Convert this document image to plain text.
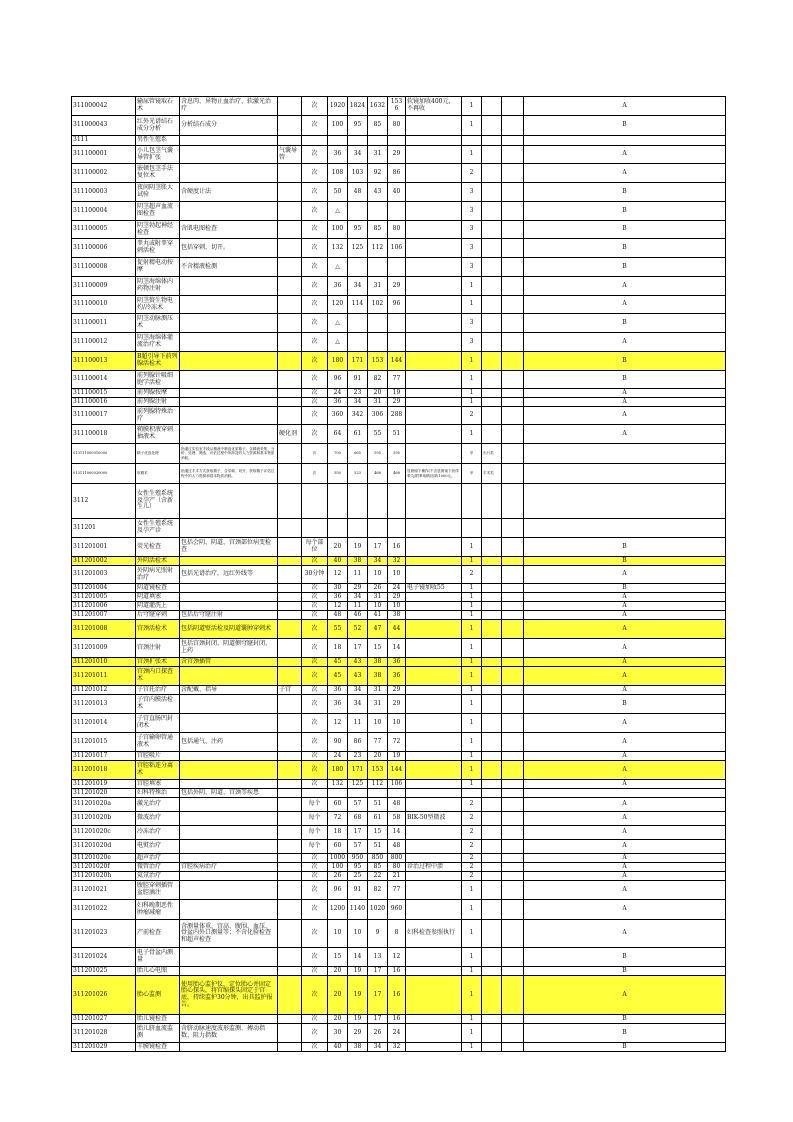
311000042	输尿管镜取石术	含息肉、异物止血治疗、软激光治疗		次	1920	1824	1632	1536	软镜加收400元，不再收	1			A
311000043	红外光谱结石成分分析	分析结石成分		次	100	95	85	80		1			B
3111	男性生殖系												
311100001	小儿包茎气囊导管扩张		气囊导管	次	36	34	31	29		1			A
311100002	嵌顿包茎手法复位术			次	108	103	92	86		2			A
311100003	夜间阴茎胀大试验	含硬度计法		次	50	48	43	40		3			B
311100004	阴茎超声血流图检查			次	△					3			B
311100005	阴茎勃起神经检查	含肌电图检查		次	100	95	85	80		3			B
311100006	睾丸或附睾穿刺活检	包括穿刺、切开。		次	132	125	112	106		3			B
311100008	促射精电动按摩	不含精液检测		次	△					3			B
311100009	阴茎海绵体内药物注射			次	36	34	31	29		1			A
311100010	阴茎赘生物电灼/冷冻术			次	120	114	102	96		1			A
311100011	阴茎动脉测压术			次	△					3			B
311100012	阴茎海绵体灌流治疗术			次	△					3			A
311100013	B超引导下前列腺活检术			次	180	171	153	144		1			B
311100014	前列腺针吸细胞学活检			次	96	91	82	77		1			B
311100015	前列腺按摩			次	24	23	20	19		1			A
311100016	前列腺注射			次	36	34	31	29		1			A
311100017	前列腺特殊治疗			次	360	342	306	288		2			A
311100018	鞘膜积液穿刺抽液术		硬化剂	次	64	61	55	51		1			A
013111000010000	精子优选处理	指通过实验室手段从精液中筛选优质精子。含精液采集、分析、处理、筛选、评估过程中所涉及的人力资源和基本物质消耗。		次	700	665	595	595		甲	出行类		
013111000020000	取精术	指通过手术方式获取精子，含穿刺、切开、获取精子评估过程中的人力资源和基本物质消耗。		次	550	523	468	468	显微镜下操作(不含显微镜下获得睾丸/附睾取精)加收1000元。	甲	手术类		
3112	女性生殖系统及孕产（含新生儿）												
311201	女性生殖系统及孕产诊												
311201001	荧光检查	包括会阴、阴道、宫颈部位病变检查		每个部位	20	19	17	16		1			B
311201002	外阴活检术			次	40	38	34	32		1			B
311201003	外阴病光照射治疗	包括光谱治疗，远红外线等		30分钟	12	11	10	10		2			A
311201004	阴道镜检查			次	30	29	26	24	电子镜加收55	1			B
311201005	阴道填塞			次	36	34	31	29		1			A
311201006	阴道灌洗上			次	12	11	10	10		1			A
311201007	后穹窿穿刺	包括后穹窿注射		次	48	46	41	38		1			A
311201008	宫颈活检术	包括阴道壁活检及阴道囊肿穿刺术		次	55	52	47	44		1			A
311201009	宫颈注射	包括宫颈封闭、阴道侧穹窿封闭、上药		次	18	17	15	14		1			A
311201010	宫颈扩张术	含宫颈插管		次	45	43	38	36		1			A
311201011	宫颈内口探查术			次	45	43	38	36		1			A
311201012	子宫托治疗	含配戴、指导	子宫	次	36	34	31	29		1			A
311201013	子宫内膜活检术			次	36	34	31	29		1			B
311201014	子宫直肠凹封闭术			次	12	11	10	10		1			A
311201015	子宫输卵管通液术	包括通气、注药		次	90	86	77	72		1			A
311201017	宫腔吸片			次	24	23	20	19		1			A
311201018	宫腔粘连分离术			次	180	171	153	144		1			A
311201019	宫腔填塞			次	132	125	112	106		1			A
311201020	妇科特殊治	包括外阴、阴道、宫颈等疾患											
311201020a	激光治疗			每个	60	57	51	48		2			A
311201020b	微波治疗			每个	72	68	61	58	BIK-50型微波	2			A
311201020c	冷冻治疗			每个	18	17	15	14		2			A
311201020d	电熨治疗			每个	60	57	51	48		2			A
311201020e	超声治疗			次	1000	950	850	800		2			A
311201020f	微管治疗	宫腔疾病治疗		次	100	95	85	80	诊治过程中溃	2			A
311201020h	氦氖治疗			次	26	25	22	21		2			A
311201021	腹腔穿刺插管盆腔滴注			次	96	91	82	77		1			A
311201022	妇科晚期恶性肿瘤减瘤			次	1200	1140	1020	960		1			A
311201023	产前检查	含测量体重、宫高、腹围、血压、骨盆内外口测量等；不含化验检查和超声检查		次	10	10	9	8	妇科检查参照执行	1			A
311201024	电子骨盆内测量			次	15	14	13	12		1			B
311201025	胎儿心电图			次	20	19	17	16		1			B
311201026	胎心监测	使用胎心监护仪，定位胎心并固定胎心探头，将宫缩探头固定于宫底，持续监护30分钟，出具监护报告。		次	20	19	17	16		1			A
311201027	胎儿镜检查			次	20	19	17	16		1			B
311201028	胎儿脐血流监测	含脐动脉速度波形监测、搏动指数、阻力指数		次	30	29	26	24		1			B
311201029	羊膜镜检查			次	40	38	34	32		1			B
